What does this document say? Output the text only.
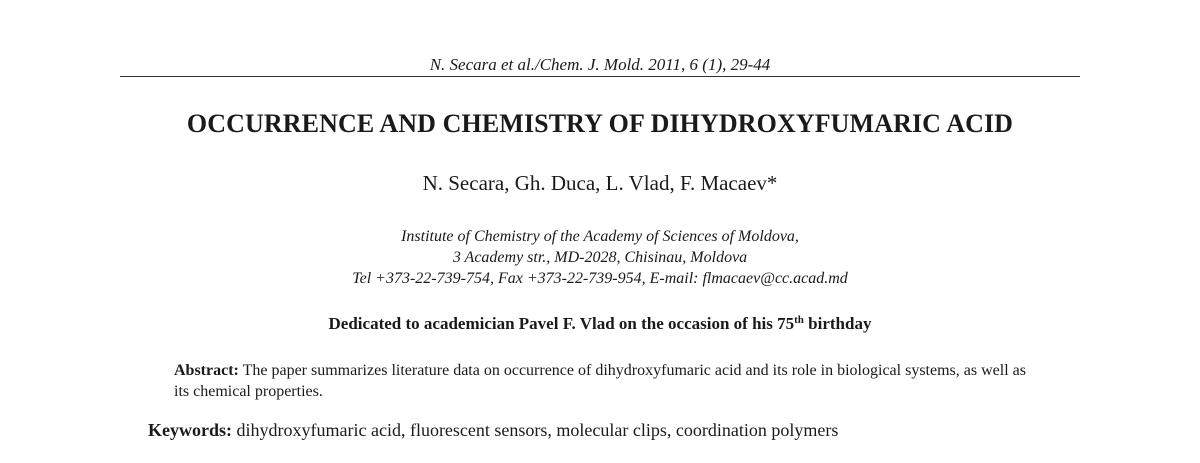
N. Secara et al./Chem. J. Mold. 2011, 6 (1), 29-44
OCCURRENCE AND CHEMISTRY OF DIHYDROXYFUMARIC ACID
N. Secara, Gh. Duca, L. Vlad, F. Macaev*
Institute of Chemistry of the Academy of Sciences of Moldova,
3 Academy str., MD-2028, Chisinau, Moldova
Tel +373-22-739-754, Fax +373-22-739-954, E-mail: flmacaev@cc.acad.md
Dedicated to academician Pavel F. Vlad on the occasion of his 75th birthday
Abstract: The paper summarizes literature data on occurrence of dihydroxyfumaric acid and its role in biological systems, as well as its chemical properties.
Keywords: dihydroxyfumaric acid, fluorescent sensors, molecular clips, coordination polymers
